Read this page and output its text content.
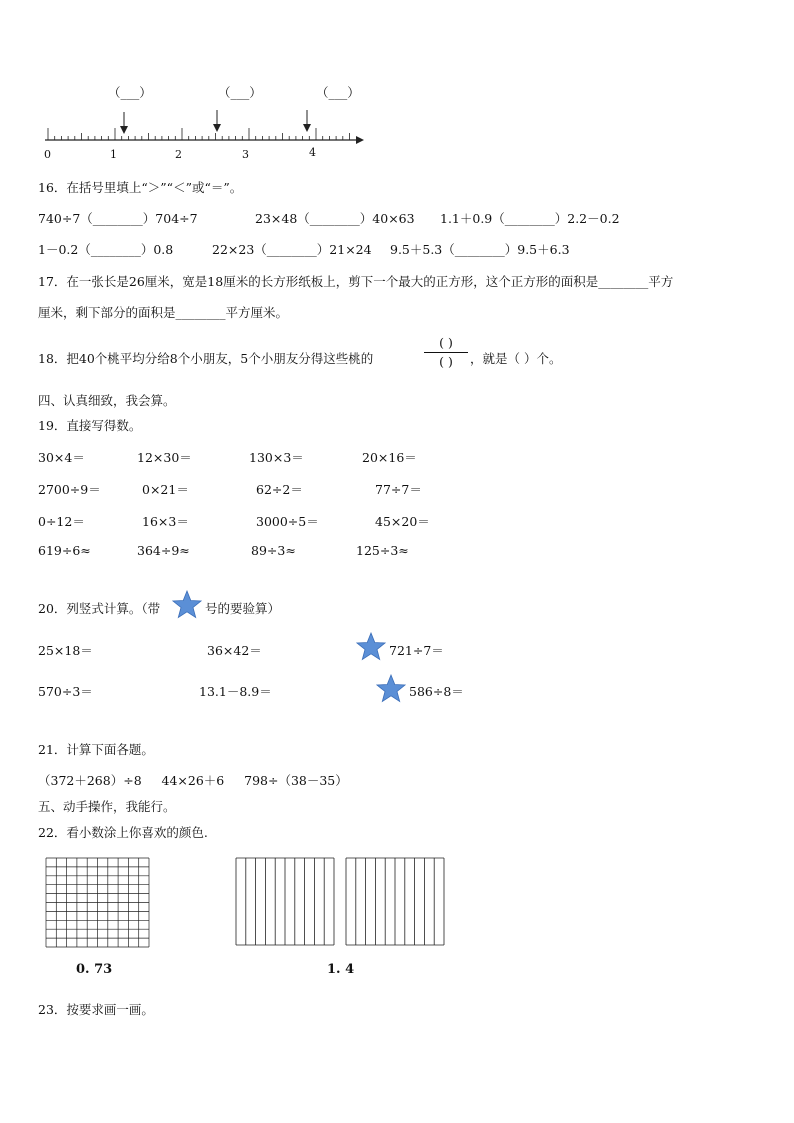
（___）	（___）	（___）
0	1	2	3	4
16．在括号里填上“＞”“＜”或“＝”。
740÷7（________）704÷7	23×48（________）40×63 1.1＋0.9（________）2.2－0.2
1－0.2（________）0.8	22×23（________）21×24 9.5＋5.3（________）9.5＋6.3
17．在一张长是26厘米，宽是18厘米的长方形纸板上，剪下一个最大的正方形，这个正方形的面积是________平方
厘米，剩下部分的面积是________平方厘米。
18．把40个桃平均分给8个小朋友，5个小朋友分得这些桃的
( )
( )	，就是（ ）个。
四、认真细致，我会算。
19．直接写得数。
30×4＝	12×30＝	130×3＝	20×16＝
2700÷9＝	0×21＝	62÷2＝	77÷7＝
0÷12＝	16×3＝	3000÷5＝	45×20＝
619÷6≈	364÷9≈	89÷3≈	125÷3≈
20．列竖式计算。（带	号的要验算）
25×18＝	36×42＝	721÷7＝
570÷3＝	13.1－8.9＝	586÷8＝
21．计算下面各题。
（372＋268）÷8     44×26＋6     798÷（38－35）
五、动手操作，我能行。
22．看小数涂上你喜欢的颜色.
0. 73	1. 4
23．按要求画一画。
